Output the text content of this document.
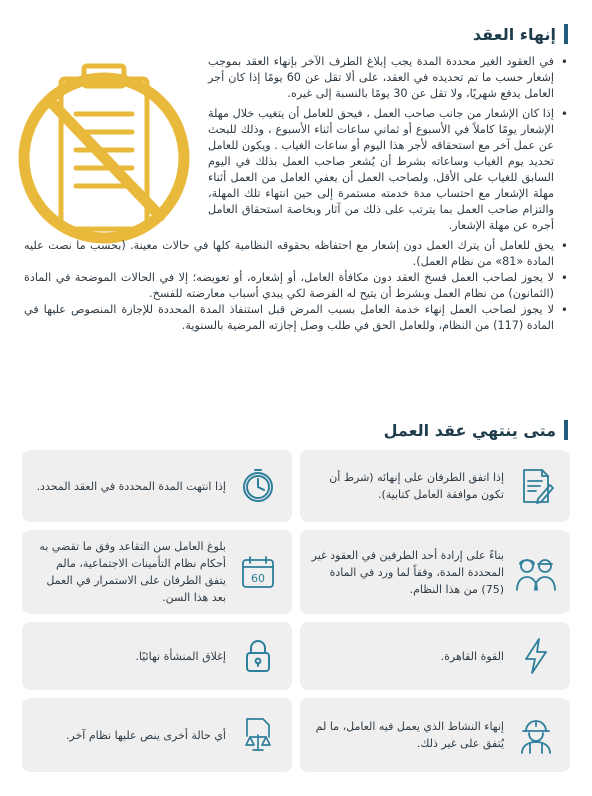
إنهاء العقد
• في العقود الغير محددة المدة يجب إبلاغ الطرف الآخر بإنهاء العقد بموجب إشعار حسب ما تم تحديده في العقد، على ألا تقل عن 60 يومًا إذا كان أجر العامل يدفع شهريًا، ولا تقل عن 30 يومًا بالنسبة إلى غيره.
• إذا كان الإشعار من جانب صاحب العمل ، فيحق للعامل أن يتغيب خلال مهلة الإشعار يومًا كاملاً في الأسبوع أو ثماني ساعات أثناء الأسبوع ، وذلك للبحث عن عمل آخر مع استحقاقه لأجر هذا اليوم أو ساعات الغياب . ويكون للعامل تحديد يوم الغياب وساعاته بشرط أن يُشعر صاحب العمل بذلك في اليوم السابق للغياب على الأقل. ولصاحب العمل أن يعفي العامل من العمل أثناء مهلة الإشعار مع احتساب مدة خدمته مستمرة إلى حين انتهاء تلك المهلة، والتزام صاحب العمل بما يترتب على ذلك من آثار وبخاصة استحقاق العامل أجره عن مهلة الإشعار.
• يحق للعامل أن يترك العمل دون إشعار مع احتفاظه بحقوقه النظامية كلها في حالات معينة. (بحسب ما نصت عليه المادة «81» من نظام العمل).
• لا يجوز لصاحب العمل فسخ العقد دون مكافأة العامل، أو إشعاره، أو تعويضه؛ إلا في الحالات الموضحة في المادة (الثمانون) من نظام العمل وبشرط أن يتيح له الفرصة لكي يبدي أسباب معارضته للفسخ.
• لا يجوز لصاحب العمل إنهاء خدمة العامل بسبب المرض قبل استنفاذ المدة المحددة للإجازة المنصوص عليها في المادة (117) من النظام، وللعامل الحق في طلب وصل إجازته المرضية بالسنوية.
متى ينتهي عقد العمل
إذا اتفق الطرفان على إنهائه (شرط أن تكون موافقة العامل كتابية).
إذا انتهت المدة المحددة في العقد المحدد.
بناءً على إرادة أحد الطرفين في العقود غير المحددة المدة، وفقاً لما ورد في المادة (75) من هذا النظام.
60
بلوغ العامل سن التقاعد وفق ما تقضي به أحكام نظام التأمينات الاجتماعية، مالم يتفق الطرفان على الاستمرار في العمل بعد هذا السن.
القوة القاهرة.
إغلاق المنشأة نهائيًا.
إنهاء النشاط الذي يعمل فيه العامل، ما لم يُتفق على غير ذلك.
أي حالة أخرى ينص عليها نظام آخر.
